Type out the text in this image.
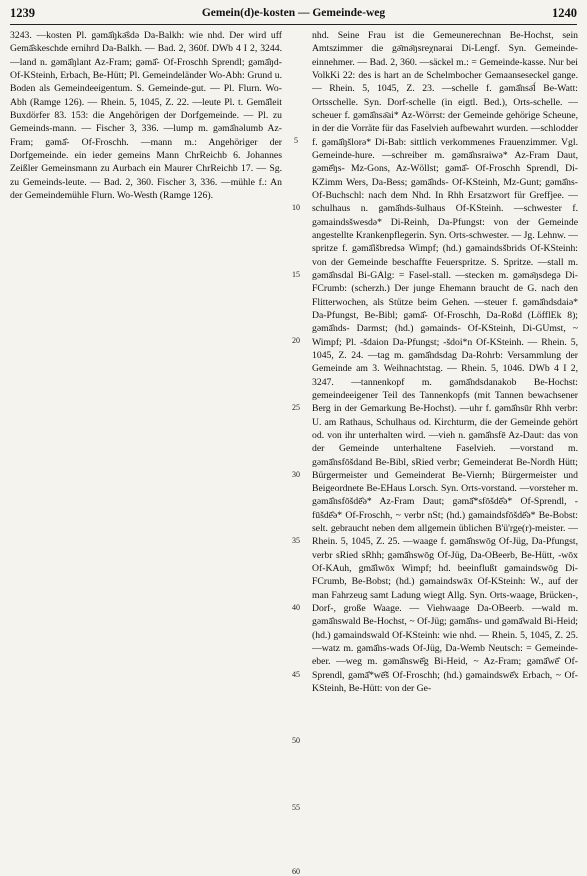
1239	Gemein(d)e-kosten — Gemeinde-weg	1240

3243. —kosten Pl. gəmā̂ŋkə̄ŝdə Da-Balkh: wie nhd. Der wird uff Gemā̂skeschde ernihrd Da-Balkh. — Bad. 2, 360f. DWb 4 I 2, 3244. —land n. gəmā̂ŋlant Az-Fram; gəmā̂- Of-Froschh Sprendl; gəmā̂ŋd- Of-KSteinh, Erbach, Be-Hütt; Pl. Gemeindeländer Wo-Abh: Grund u. Boden als Gemeindeeigentum. S. Gemeinde-gut. — Pl. Flurn. Wo-Abh (Ramge 126). — Rhein. 5, 1045, Z. 22. —leute Pl. t. Gemā̂leit Buxdörfer 83. 153: die Angehörigen der Dorfgemeinde. — Pl. zu Gemeinds-mann. — Fischer 3, 336. —lump m. gəmā̂nəlumb Az-Fram; gəmā̂- Of-Froschh. —mann m.: Angehöriger der Dorfgemeinde. ein ieder gemeins Mann ChrReichb 6. Johannes Zeißler Gemeinsmann zu Aurbach ein Maurer ChrReichb 17. — Sg. zu Gemeinds-leute. — Bad. 2, 360. Fischer 3, 336. —mühle f.: An der Gemeindemühle Flurn. Wo-Westh (Ramge 126).

5
10
15
20
25
30
35
40
45
50
55
60

nhd. Seine Frau ist die Gemeunerechnan Be-Hochst, sein Amtszimmer die gə̄mə̄ŋsreχnərai Di-Lengf. Syn. Gemeinde-einnehmer. — Bad. 2, 360. —säckel m.: = Gemeinde-kasse. Nur bei VolkKi 22: des is hart an de Schelmbocher Gemaanseseckel gange. — Rhein. 5, 1045, Z. 23. —schelle f. gəmā̂nsə̄ĺ Be-Watt: Ortsschelle. Syn. Dorf-schelle (in eigtl. Bed.), Orts-schelle. —scheuer f. gəmā̂nsə̄ai* Az-Wörrst: der Gemeinde gehörige Scheune, in der die Vorräte für das Faselvieh aufbewahrt wurden. —schlodder f. gəmā̂ŋšlorə* Di-Bab: sittlich verkommenes Frauenzimmer. Vgl. Gemeinde-hure. —schreiber m. gəmā̂nsraiwə* Az-Fram Daut, gəmē̂ŋs- Mz-Gons, Az-Wöllst; gəmā̂- Of-Froschh Sprendl, Di-KZimm Wers, Da-Bess; gəmā̂nds- Of-KSteinh, Mz-Gunt; gəmā̂ns- Of-Buchschl: nach dem Nhd. In Rhh Ersatzwort für Greffjee. —schulhaus n. gəmā̂nds-šulhaus Of-KSteinh. —schwester f. gəmaindsšwesdə* Di-Reinh, Da-Pfungst: von der Gemeinde angestellte Krankenpflegerin. Syn. Orts-schwester. — Jg. Lehnw. —spritze f. gəmā̂išbredsə Wimpf; (hd.) gəmaindsšbrids Of-KSteinh: von der Gemeinde beschaffte Feuerspritze. S. Spritze. —stall m. gəmā̂nsdal Bi-GAlg: = Fasel-stall. —stecken m. gəmə̄ŋsdegə Di-FCrumb: (scherzh.) Der junge Ehemann braucht de G. nach den Flitterwochen, als Stütze beim Gehen. —steuer f. gəmā̂ndsdaiə* Da-Pfungst, Be-Bibl; gəmā̂- Of-Froschh, Da-Roßd (LöfflEk 8); gəmā̂nds- Darmst; (hd.) gəmainds- Of-KSteinh, Di-GUmst, ~ Wimpf; Pl. -šdaion Da-Pfungst; -šdoi*n Of-KSteinh. — Rhein. 5, 1045, Z. 24. —tag m. gəmā̂ndsdag Da-Rohrb: Versammlung der Gemeinde am 3. Weihnachtstag. — Rhein. 5, 1046. DWb 4 I 2, 3247. —tannenkopf m. gəmā̂ndsdanakob Be-Hochst: gemeindeeigener Teil des Tannenkopfs (mit Tannen bewachsener Berg in der Gemarkung Be-Hochst). —uhr f. gəmā̂nsūr Rhh verbr: U. am Rathaus, Schulhaus od. Kirchturm, die der Gemeinde gehört od. von ihr unterhalten wird. —vieh n. gəmā̂nsfē Az-Daut: das von der Gemeinde unterhaltene Faselvieh. —vorstand m. gəmā̂nsfōšdand Be-Bibl, sRied verbr; Gemeinderat Be-Nordh Hütt; Bürgermeister und Gemeinderat Be-Viernh; Bürgermeister und Beigeordnete Be-EHaus Lorsch. Syn. Orts-vorstand. —vorsteher m. gəmā̂nsfōšdē̂ə* Az-Fram Daut; gəmā̂*sfōšdē̂ə* Of-Sprendl, -fūšdē̂ə* Of-Froschh, ~ verbr nSt; (hd.) gəmaindsfōšdē̂ə* Be-Bobst: selt. gebraucht neben dem allgemein üblichen B'ü'rge(r)-meister. — Rhein. 5, 1045, Z. 25. —waage f. gəmā̂nswōg Of-Jüg, Da-Pfungst, verbr sRied sRhh; gəmā̂nswōg Of-Jüg, Da-OBeerb, Be-Hütt, -wōx Of-KAuh, gmā̂iwōx Wimpf; hd. beeinflußt gəmaindswōg Di-FCrumb, Be-Bobst; (hd.) gəmaindswāx Of-KSteinh: W., auf der man Fahrzeug samt Ladung wiegt Allg. Syn. Orts-waage, Brücken-, Dorf-, große Waage. — Viehwaage Da-OBeerb. —wald m. gəmā̂nswald Be-Hochst, ~ Of-Jüg; gəmā̂ns- und gəmā̂wald Bi-Heid; (hd.) gəmaindswald Of-KSteinh: wie nhd. — Rhein. 5, 1045, Z. 25. —watz m. gəmā̂ns-wads Of-Jüg, Da-Wemb Neutsch: = Gemeinde-eber. —weg m. gəmā̂nswē̂g Bi-Heid, ~ Az-Fram; gəmā̂wē̂ Of-Sprendl, gəmā̂*wē̂š Of-Froschh; (hd.) gəmaindswē̂x Erbach, ~ Of-KSteinh, Be-Hütt: von der Ge-
